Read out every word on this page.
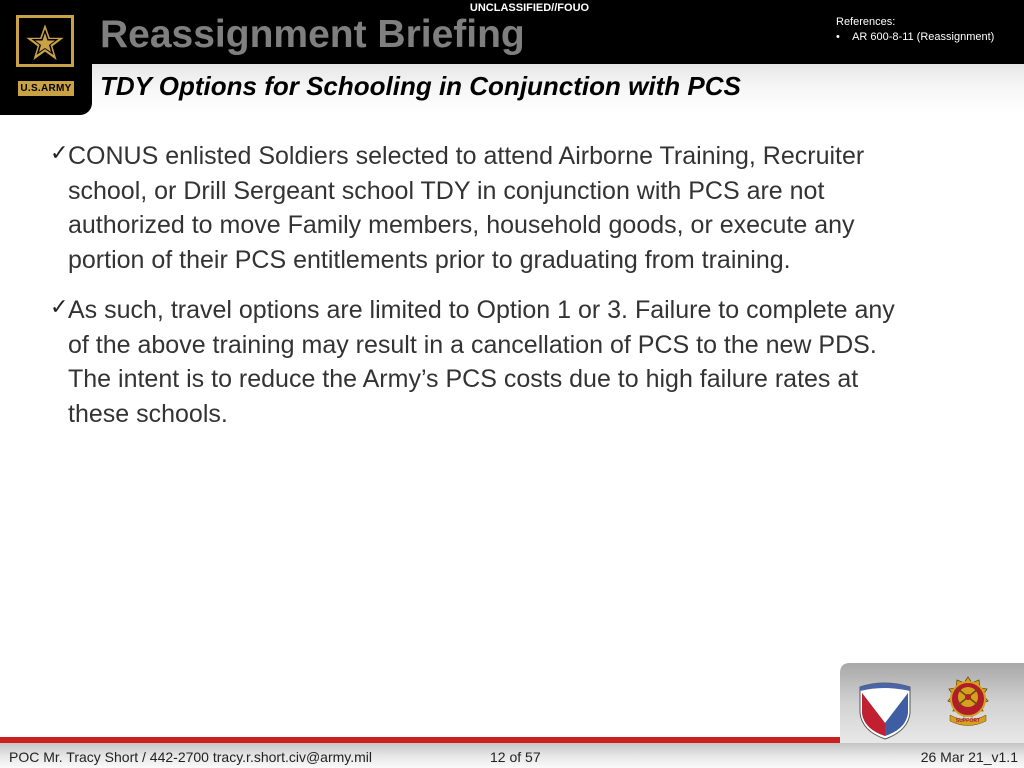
U.S.ARMY
UNCLASSIFIED//FOUO
Reassignment Briefing	References:
•    AR 600-8-11 (Reassignment)
TDY Options for Schooling in Conjunction with PCS
✓ CONUS enlisted Soldiers selected to attend Airborne Training, Recruiter school, or Drill Sergeant school TDY in conjunction with PCS are not authorized to move Family members, household goods, or execute any portion of their PCS entitlements prior to graduating from training.
✓ As such, travel options are limited to Option 1 or 3. Failure to complete any of the above training may result in a cancellation of PCS to the new PDS. The intent is to reduce the Army’s PCS costs due to high failure rates at these schools.
SUPPORT
POC Mr. Tracy Short / 442-2700 tracy.r.short.civ@army.mil	12 of 57	26 Mar 21_v1.1
